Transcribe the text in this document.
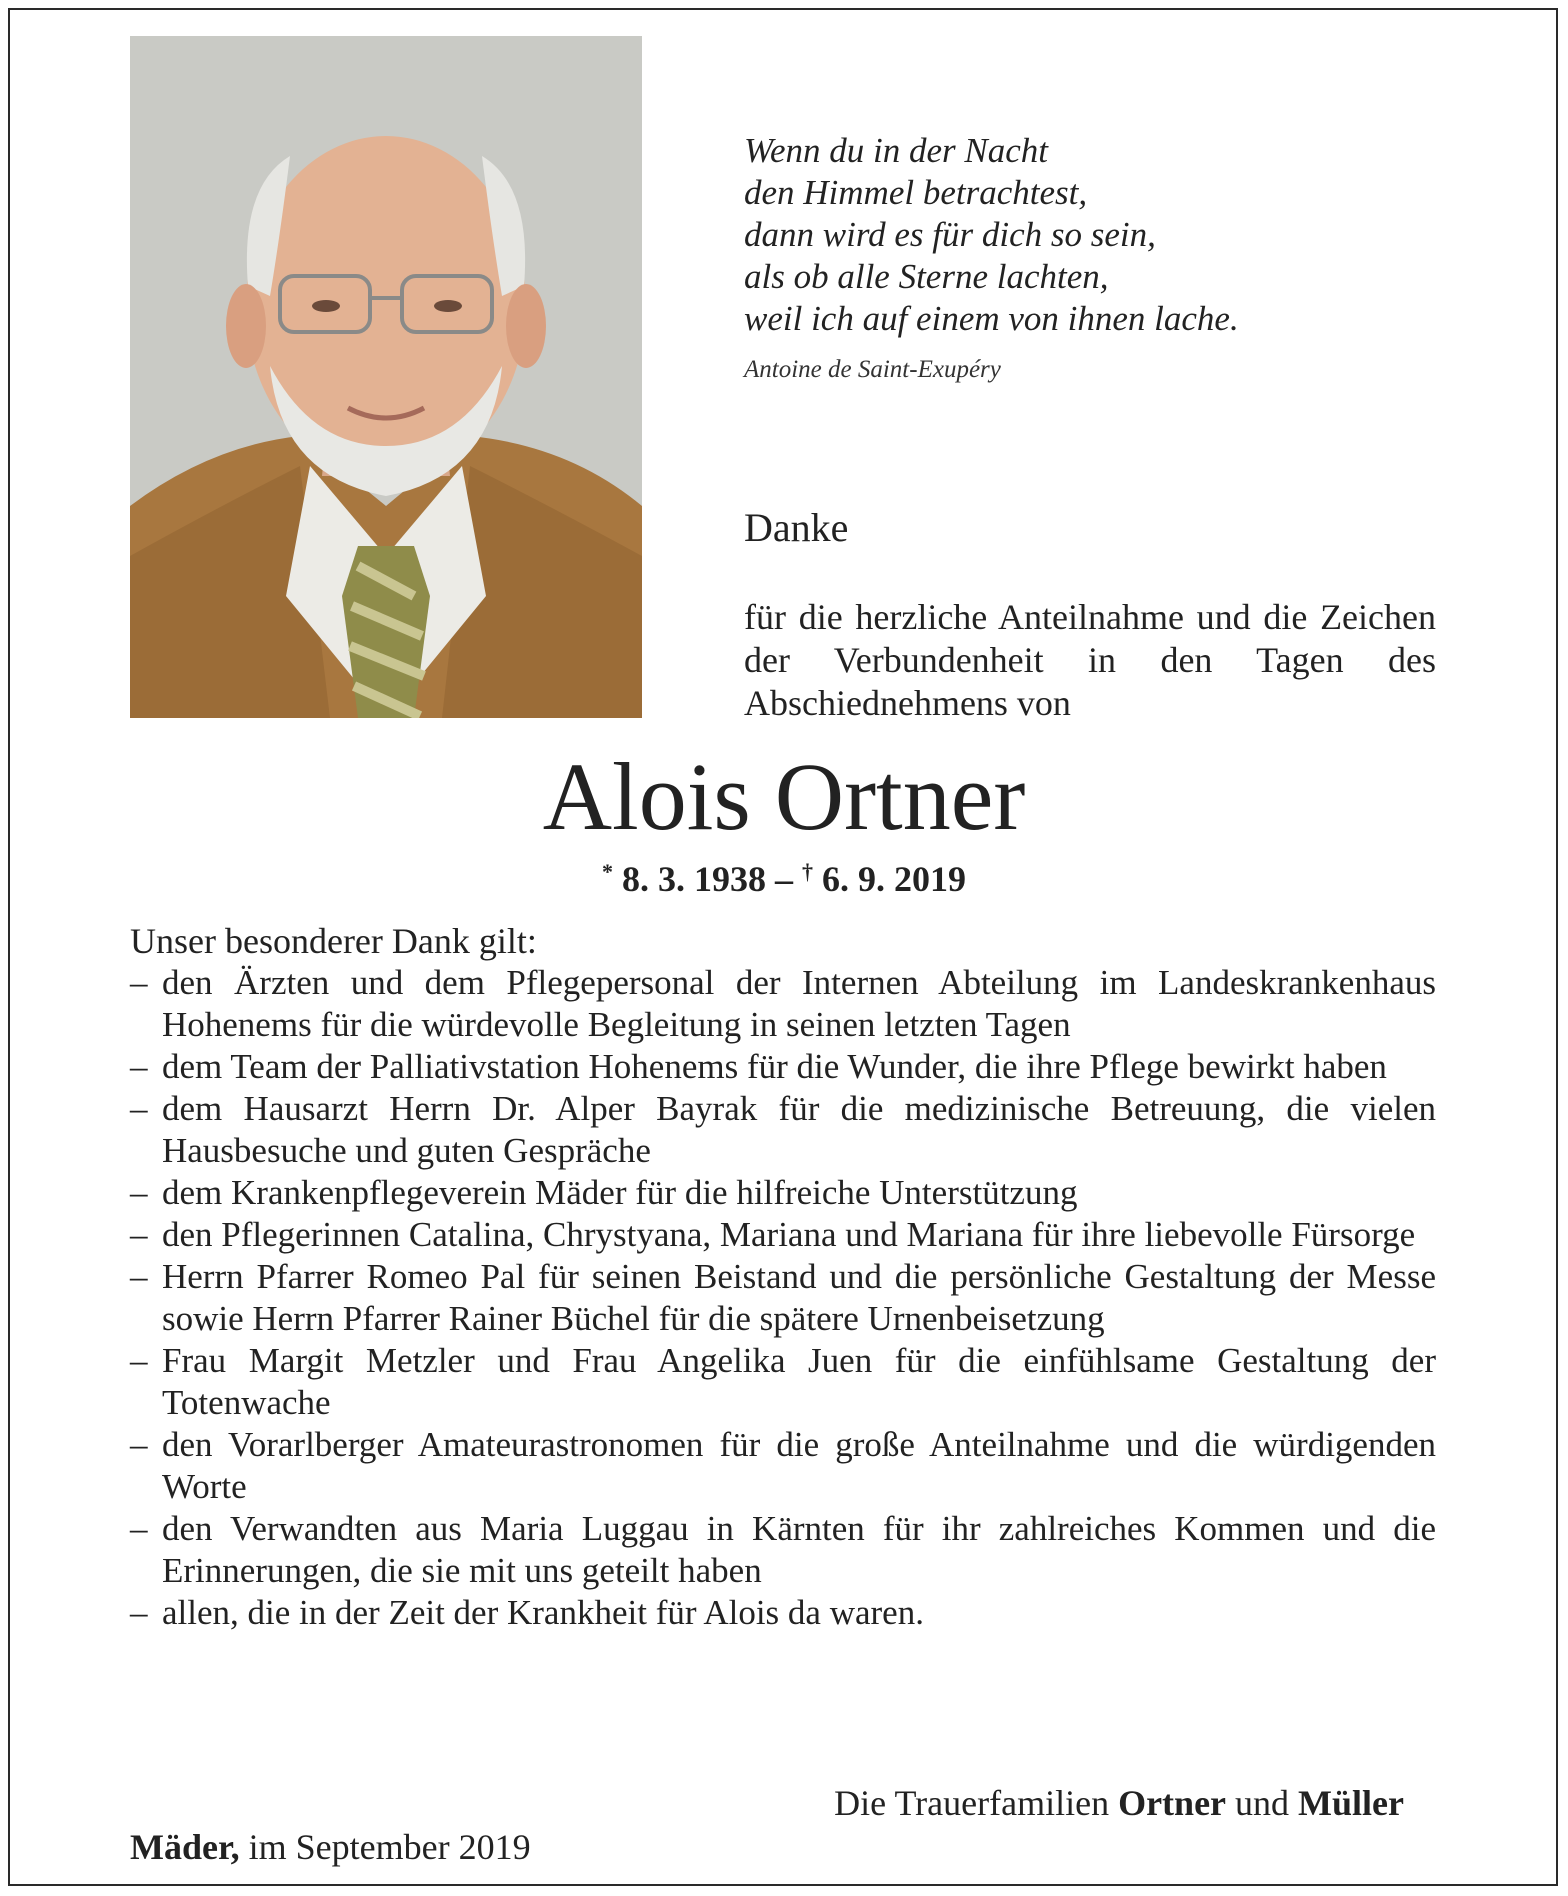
Wenn du in der Nacht
den Himmel betrachtest,
dann wird es für dich so sein,
als ob alle Sterne lachten,
weil ich auf einem von ihnen lache.
Antoine de Saint-Exupéry
Danke
für die herzliche Anteilnahme und die Zeichen der Verbundenheit in den Tagen des Abschiednehmens von
Alois Ortner
* 8. 3. 1938 – † 6. 9. 2019
Unser besonderer Dank gilt:
– den Ärzten und dem Pflegepersonal der Internen Abteilung im Landeskrankenhaus Hohenems für die würdevolle Begleitung in seinen letzten Tagen
– dem Team der Palliativstation Hohenems für die Wunder, die ihre Pflege bewirkt haben
– dem Hausarzt Herrn Dr. Alper Bayrak für die medizinische Betreuung, die vielen Hausbesuche und guten Gespräche
– dem Krankenpflegeverein Mäder für die hilfreiche Unterstützung
– den Pflegerinnen Catalina, Chrystyana, Mariana und Mariana für ihre liebevolle Fürsorge
– Herrn Pfarrer Romeo Pal für seinen Beistand und die persönliche Gestaltung der Messe sowie Herrn Pfarrer Rainer Büchel für die spätere Urnenbeisetzung
– Frau Margit Metzler und Frau Angelika Juen für die einfühlsame Gestaltung der Totenwache
– den Vorarlberger Amateurastronomen für die große Anteilnahme und die würdigenden Worte
– den Verwandten aus Maria Luggau in Kärnten für ihr zahlreiches Kommen und die Erinnerungen, die sie mit uns geteilt haben
– allen, die in der Zeit der Krankheit für Alois da waren.
Die Trauerfamilien Ortner und Müller
Mäder, im September 2019
